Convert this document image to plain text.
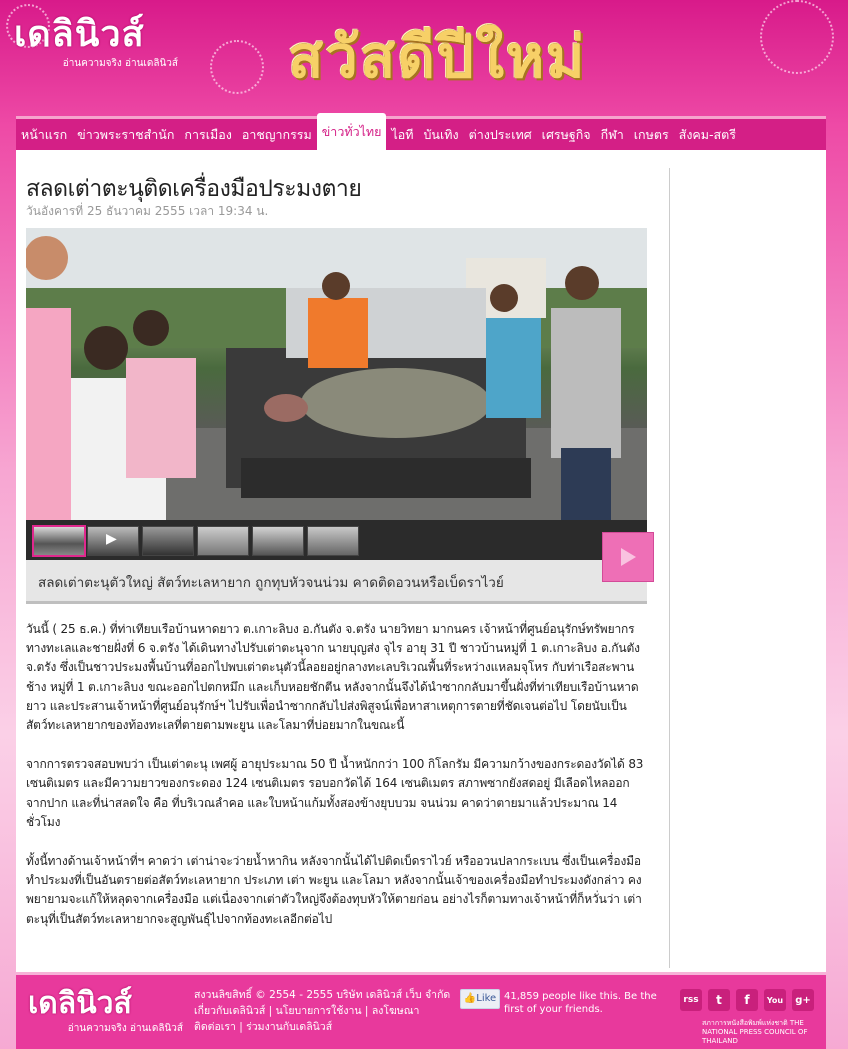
เดลินิวส์
อ่านความจริง อ่านเดลินิวส์ สวัสดีปีใหม่
หน้าแรก ข่าวพระราชสำนัก การเมือง อาชญากรรม ข่าวทั่วไทย ไอที บันเทิง ต่างประเทศ เศรษฐกิจ กีฬา เกษตร สังคม-สตรี
สลดเต่าตะนุติดเครื่องมือประมงตาย
วันอังคารที่ 25 ธันวาคม 2555 เวลา 19:34 น.
▶
สลดเต่าตะนุตัวใหญ่ สัตว์ทะเลหายาก ถูกทุบหัวจนน่วม คาดติดอวนหรือเบ็ดราไวย์

วันนี้ ( 25 ธ.ค.) ที่ท่าเทียบเรือบ้านหาดยาว ต.เกาะลิบง อ.กันตัง จ.ตรัง นายวิทยา มากนคร เจ้าหน้าที่ศูนย์อนุรักษ์ทรัพยากรทางทะเลและชายฝั่งที่ 6 จ.ตรัง ได้เดินทางไปรับเต่าตะนุจาก นายบุญส่ง จุไร อายุ 31 ปี ชาวบ้านหมู่ที่ 1 ต.เกาะลิบง อ.กันตัง จ.ตรัง ซึ่งเป็นชาวประมงพื้นบ้านที่ออกไปพบเต่าตะนุตัวนี้ลอยอยู่กลางทะเลบริเวณพื้นที่ระหว่างแหลมจุโหร กับท่าเรือสะพานช้าง หมู่ที่ 1 ต.เกาะลิบง ขณะออกไปตกหมึก และเก็บหอยชักตีน หลังจากนั้นจึงได้นำซากกลับมาขึ้นฝั่งที่ท่าเทียบเรือบ้านหาดยาว และประสานเจ้าหน้าที่ศูนย์อนุรักษ์ฯ ไปรับเพื่อนำซากกลับไปส่งพิสูจน์เพื่อหาสาเหตุการตายที่ชัดเจนต่อไป โดยนับเป็นสัตว์ทะเลหายากของท้องทะเลที่ตายตามพะยูน และโลมาที่บ่อยมากในขณะนี้

จากการตรวจสอบพบว่า เป็นเต่าตะนุ เพศผู้ อายุประมาณ 50 ปี น้ำหนักกว่า 100 กิโลกรัม มีความกว้างของกระดองวัดได้ 83 เซนติเมตร และมีความยาวของกระดอง 124 เซนติเมตร รอบอกวัดได้ 164 เซนติเมตร สภาพซากยังสดอยู่ มีเลือดไหลออกจากปาก และที่น่าสลดใจ คือ ที่บริเวณลำคอ และใบหน้าแก้มทั้งสองข้างยุบบวม จนน่วม คาดว่าตายมาแล้วประมาณ 14 ชั่วโมง

ทั้งนี้ทางด้านเจ้าหน้าที่ฯ คาดว่า เต่าน่าจะว่ายน้ำหากิน หลังจากนั้นได้ไปติดเบ็ดราไวย์ หรืออวนปลากระเบน ซึ่งเป็นเครื่องมือทำประมงที่เป็นอันตรายต่อสัตว์ทะเลหายาก ประเภท เต่า พะยูน และโลมา หลังจากนั้นเจ้าของเครื่องมือทำประมงดังกล่าว คงพยายามจะแก้ให้หลุดจากเครื่องมือ แต่เนื่องจากเต่าตัวใหญ่จึงต้องทุบหัวให้ตายก่อน อย่างไรก็ตามทางเจ้าหน้าที่ก็หวั่นว่า เต่าตะนุที่เป็นสัตว์ทะเลหายากจะสูญพันธุ์ไปจากท้องทะเลอีกต่อไป

เดลินิวส์
อ่านความจริง อ่านเดลินิวส์
สงวนลิขสิทธิ์ © 2554 - 2555 บริษัท เดลินิวส์ เว็บ จำกัด
เกี่ยวกับเดลินิวส์ | นโยบายการใช้งาน | ลงโฆษณา
ติดต่อเรา | ร่วมงานกับเดลินิวส์
👍Like 41,859 people like this. Be the first of your friends.
rss	t	f	You	g+
สภาการหนังสือพิมพ์แห่งชาติ THE NATIONAL PRESS COUNCIL OF THAILAND
